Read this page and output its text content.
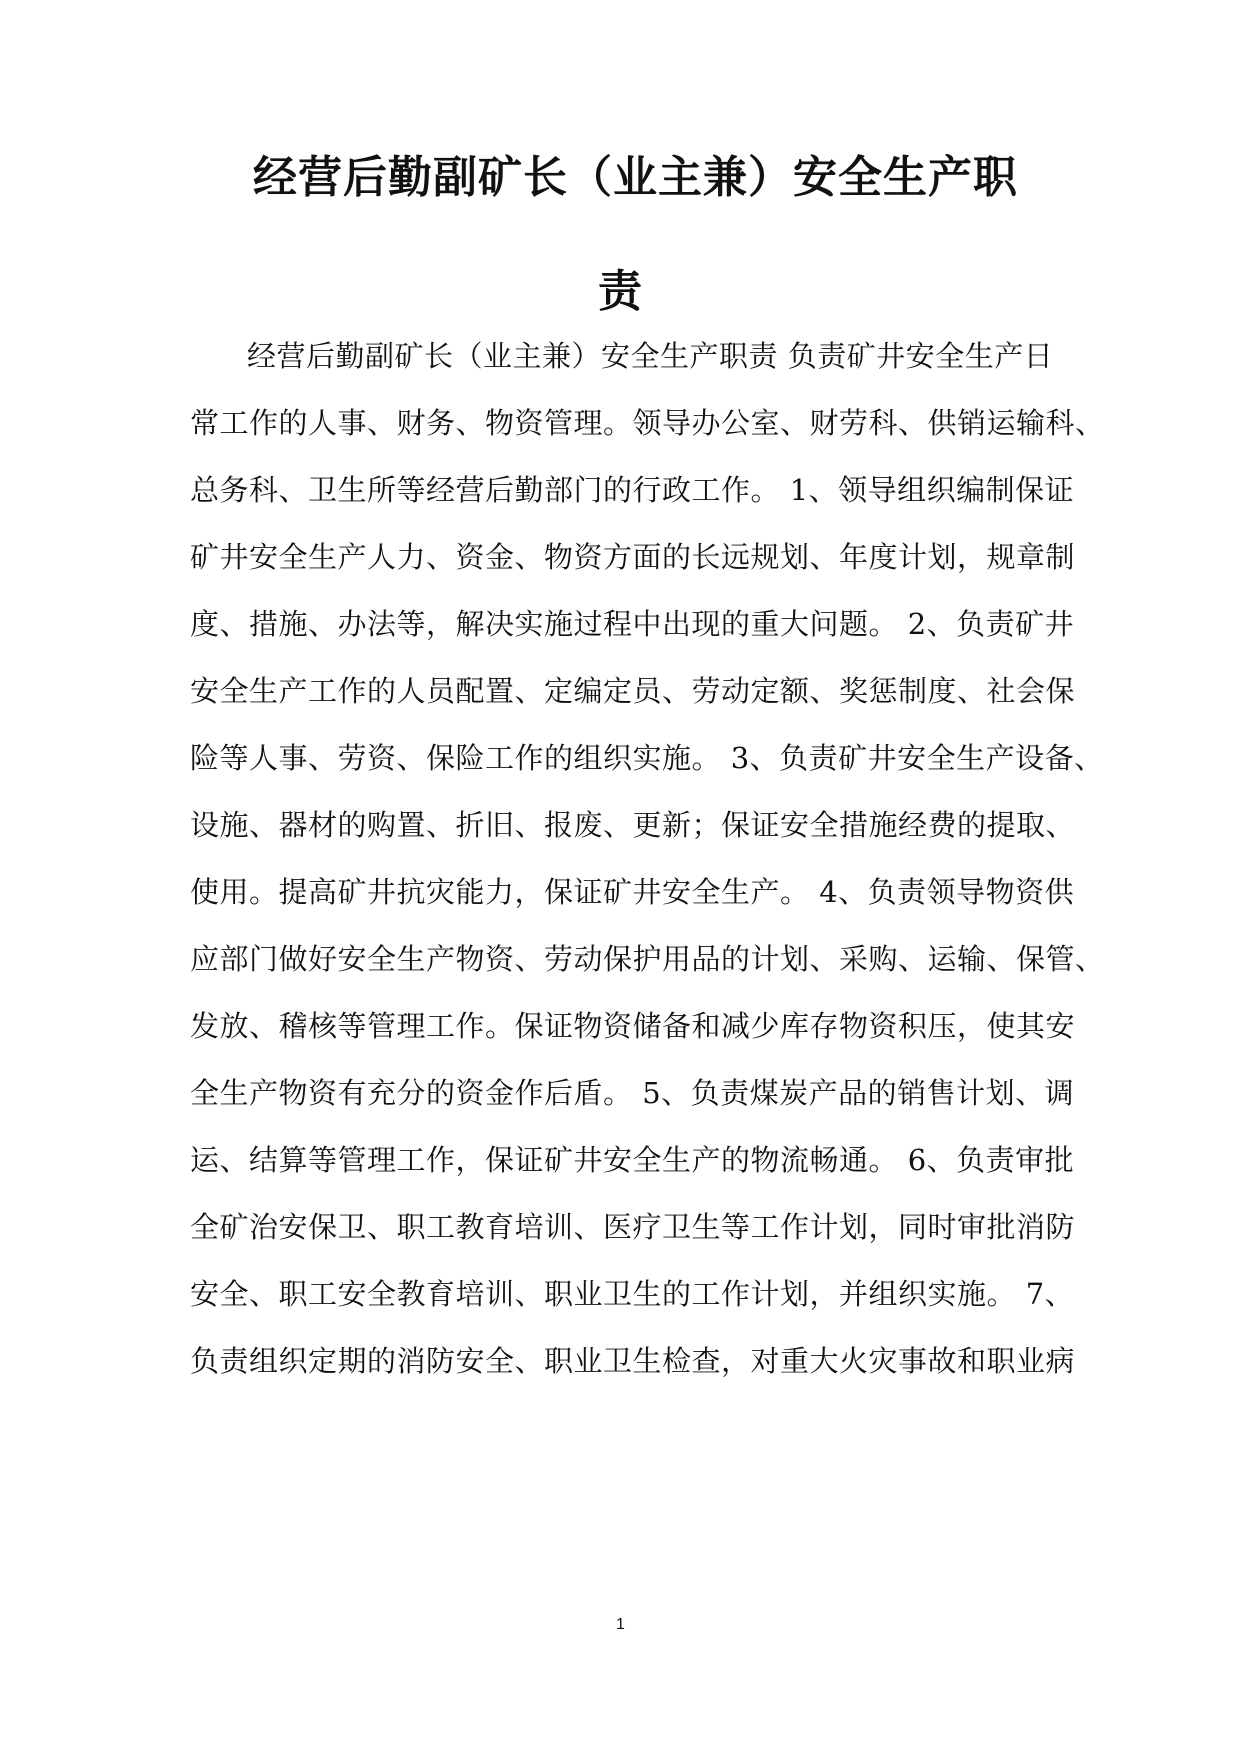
经营后勤副矿长（业主兼）安全生产职
责
经营后勤副矿长（业主兼）安全生产职责 负责矿井安全生产日
常工作的人事、财务、物资管理。领导办公室、财劳科、供销运输科、
总务科、卫生所等经营后勤部门的行政工作。 1、领导组织编制保证
矿井安全生产人力、资金、物资方面的长远规划、年度计划，规章制
度、措施、办法等，解决实施过程中出现的重大问题。 2、负责矿井
安全生产工作的人员配置、定编定员、劳动定额、奖惩制度、社会保
险等人事、劳资、保险工作的组织实施。 3、负责矿井安全生产设备、
设施、器材的购置、折旧、报废、更新；保证安全措施经费的提取、
使用。提高矿井抗灾能力，保证矿井安全生产。 4、负责领导物资供
应部门做好安全生产物资、劳动保护用品的计划、采购、运输、保管、
发放、稽核等管理工作。保证物资储备和减少库存物资积压，使其安
全生产物资有充分的资金作后盾。 5、负责煤炭产品的销售计划、调
运、结算等管理工作，保证矿井安全生产的物流畅通。 6、负责审批
全矿治安保卫、职工教育培训、医疗卫生等工作计划，同时审批消防
安全、职工安全教育培训、职业卫生的工作计划，并组织实施。 7、
负责组织定期的消防安全、职业卫生检查，对重大火灾事故和职业病
1
